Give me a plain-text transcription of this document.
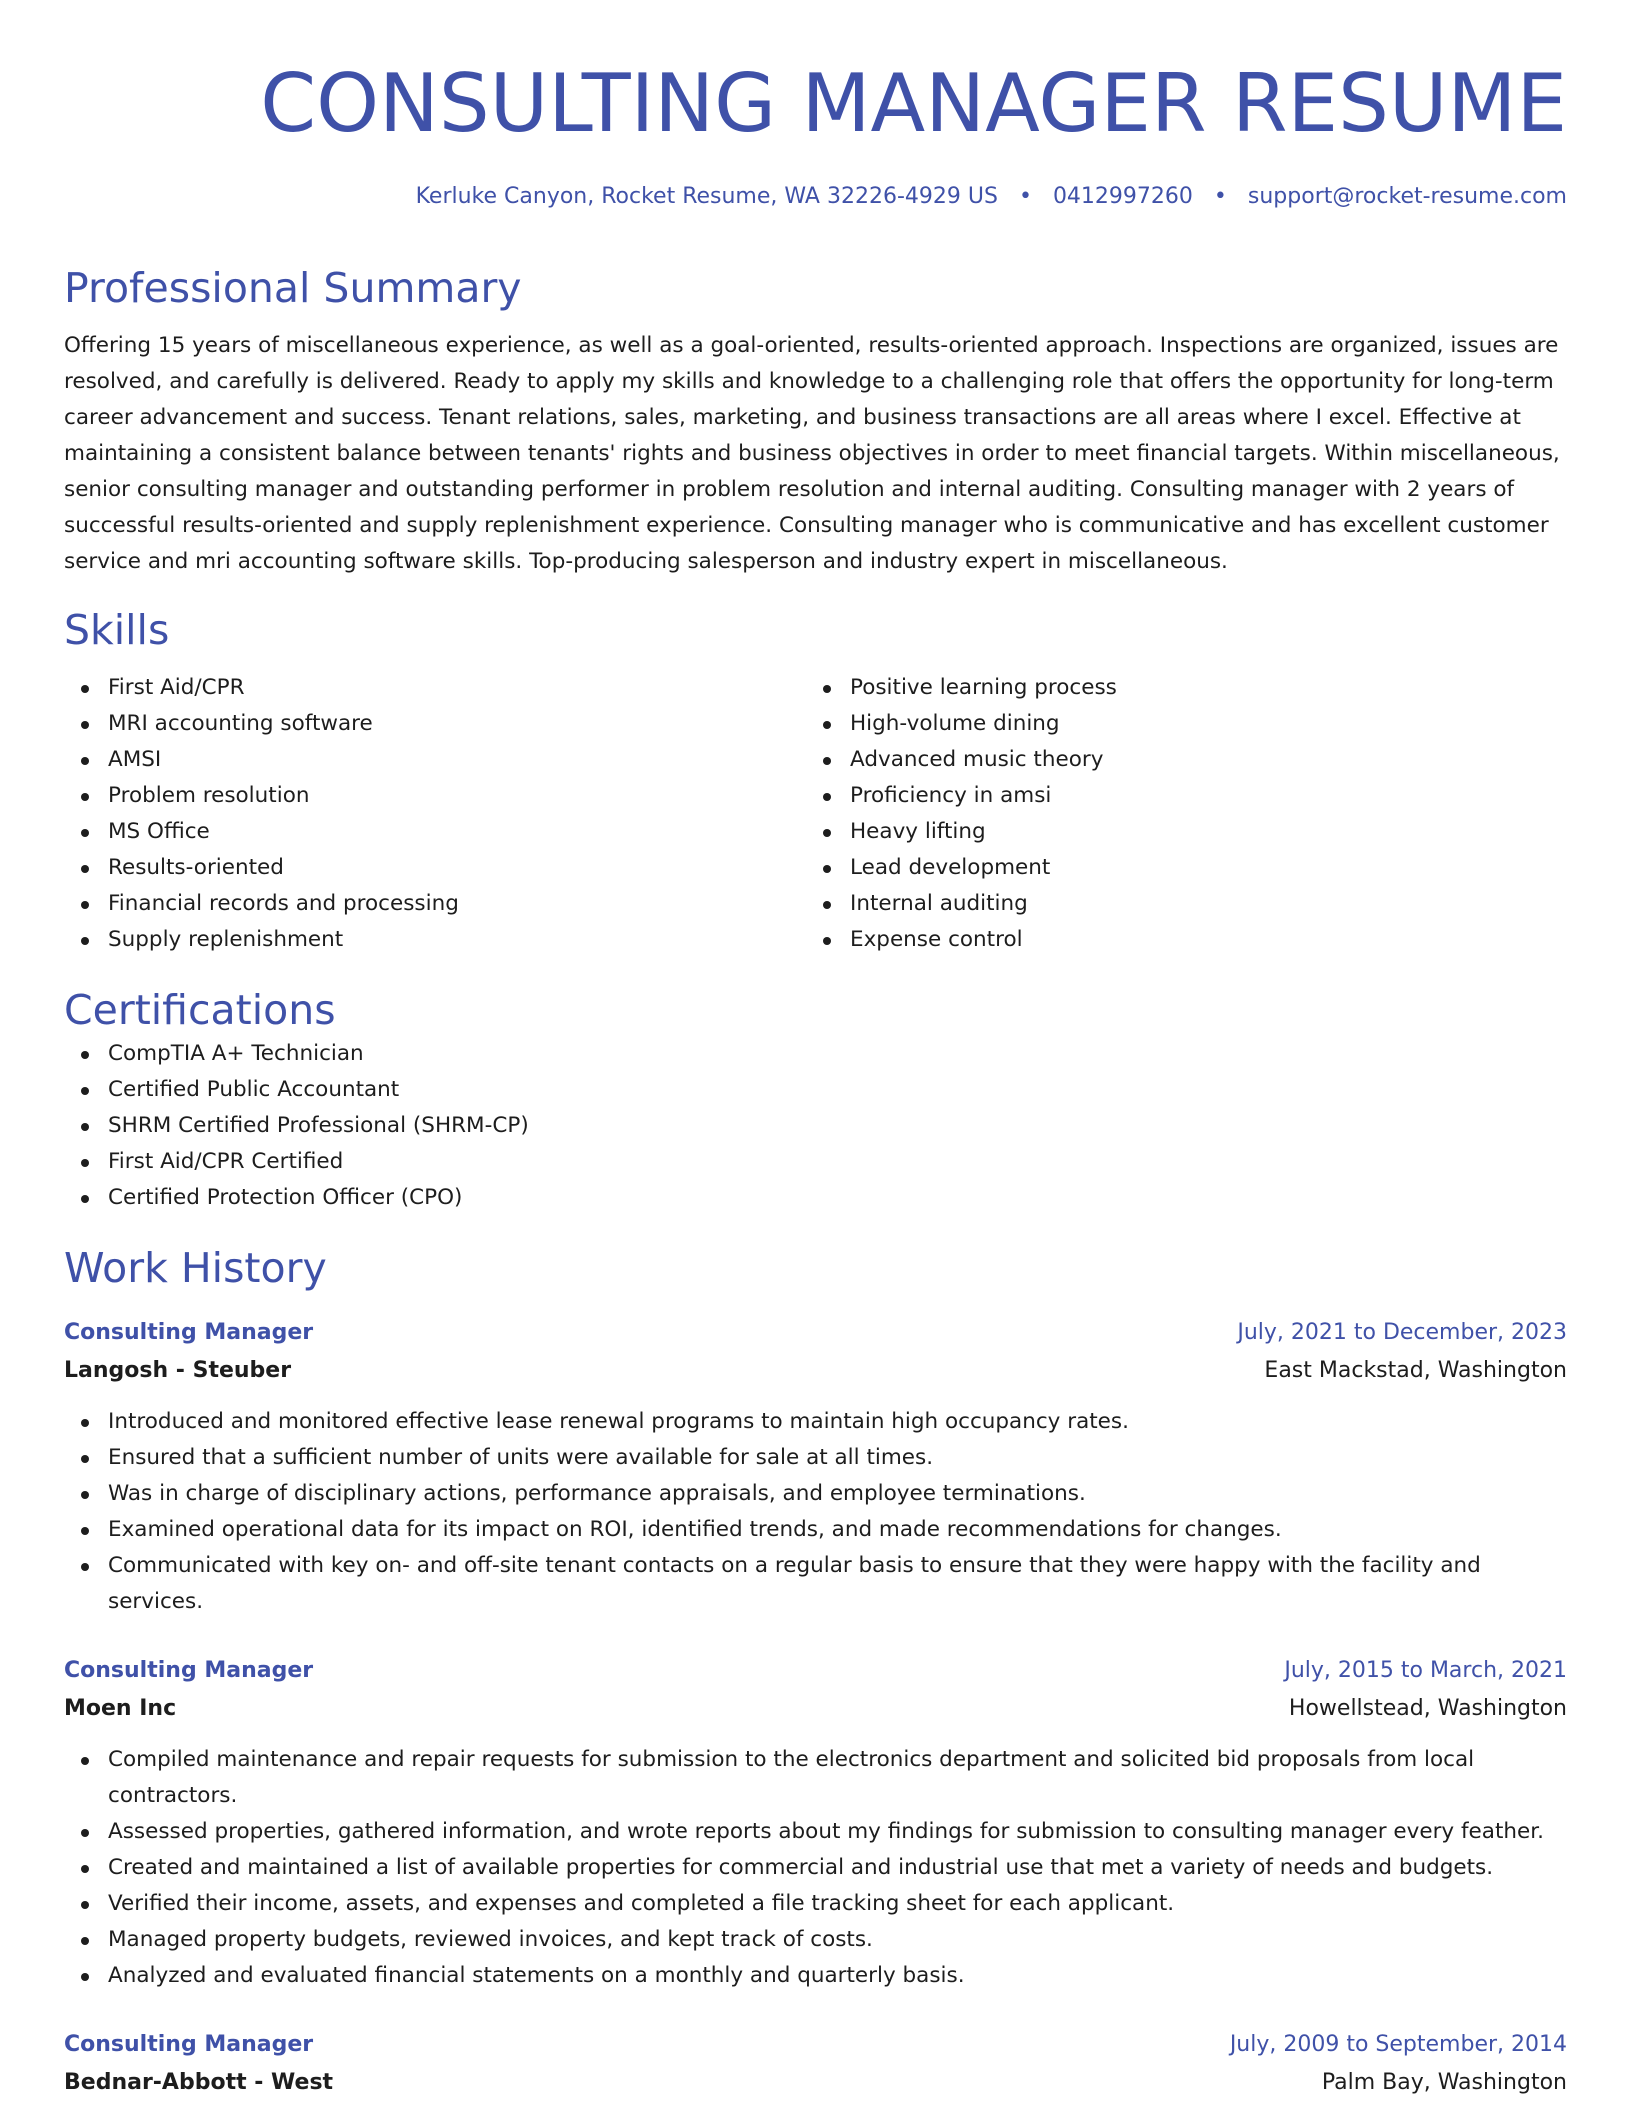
CONSULTING MANAGER RESUME
Kerluke Canyon, Rocket Resume, WA 32226-4929 US • 0412997260 • support@rocket-resume.com
Professional Summary

Offering 15 years of miscellaneous experience, as well as a goal-oriented, results-oriented approach. Inspections are organized, issues are resolved, and carefully is delivered. Ready to apply my skills and knowledge to a challenging role that offers the opportunity for long-term career advancement and success. Tenant relations, sales, marketing, and business transactions are all areas where I excel. Effective at maintaining a consistent balance between tenants' rights and business objectives in order to meet financial targets. Within miscellaneous, senior consulting manager and outstanding performer in problem resolution and internal auditing. Consulting manager with 2 years of successful results-oriented and supply replenishment experience. Consulting manager who is communicative and has excellent customer service and mri accounting software skills. Top-producing salesperson and industry expert in miscellaneous.

Skills
First Aid/CPR
MRI accounting software
AMSI
Problem resolution
MS Office
Results-oriented
Financial records and processing
Supply replenishment
Positive learning process
High-volume dining
Advanced music theory
Proficiency in amsi
Heavy lifting
Lead development
Internal auditing
Expense control
Certifications
CompTIA A+ Technician
Certified Public Accountant
SHRM Certified Professional (SHRM-CP)
First Aid/CPR Certified
Certified Protection Officer (CPO)
Work History
Consulting Manager	July, 2021 to December, 2023
Langosh - Steuber	East Mackstad, Washington
Introduced and monitored effective lease renewal programs to maintain high occupancy rates.
Ensured that a sufficient number of units were available for sale at all times.
Was in charge of disciplinary actions, performance appraisals, and employee terminations.
Examined operational data for its impact on ROI, identified trends, and made recommendations for changes.
Communicated with key on- and off-site tenant contacts on a regular basis to ensure that they were happy with the facility and services.
Consulting Manager	July, 2015 to March, 2021
Moen Inc	Howellstead, Washington
Compiled maintenance and repair requests for submission to the electronics department and solicited bid proposals from local contractors.
Assessed properties, gathered information, and wrote reports about my findings for submission to consulting manager every feather.
Created and maintained a list of available properties for commercial and industrial use that met a variety of needs and budgets.
Verified their income, assets, and expenses and completed a file tracking sheet for each applicant.
Managed property budgets, reviewed invoices, and kept track of costs.
Analyzed and evaluated financial statements on a monthly and quarterly basis.
Consulting Manager	July, 2009 to September, 2014
Bednar-Abbott - West	Palm Bay, Washington
